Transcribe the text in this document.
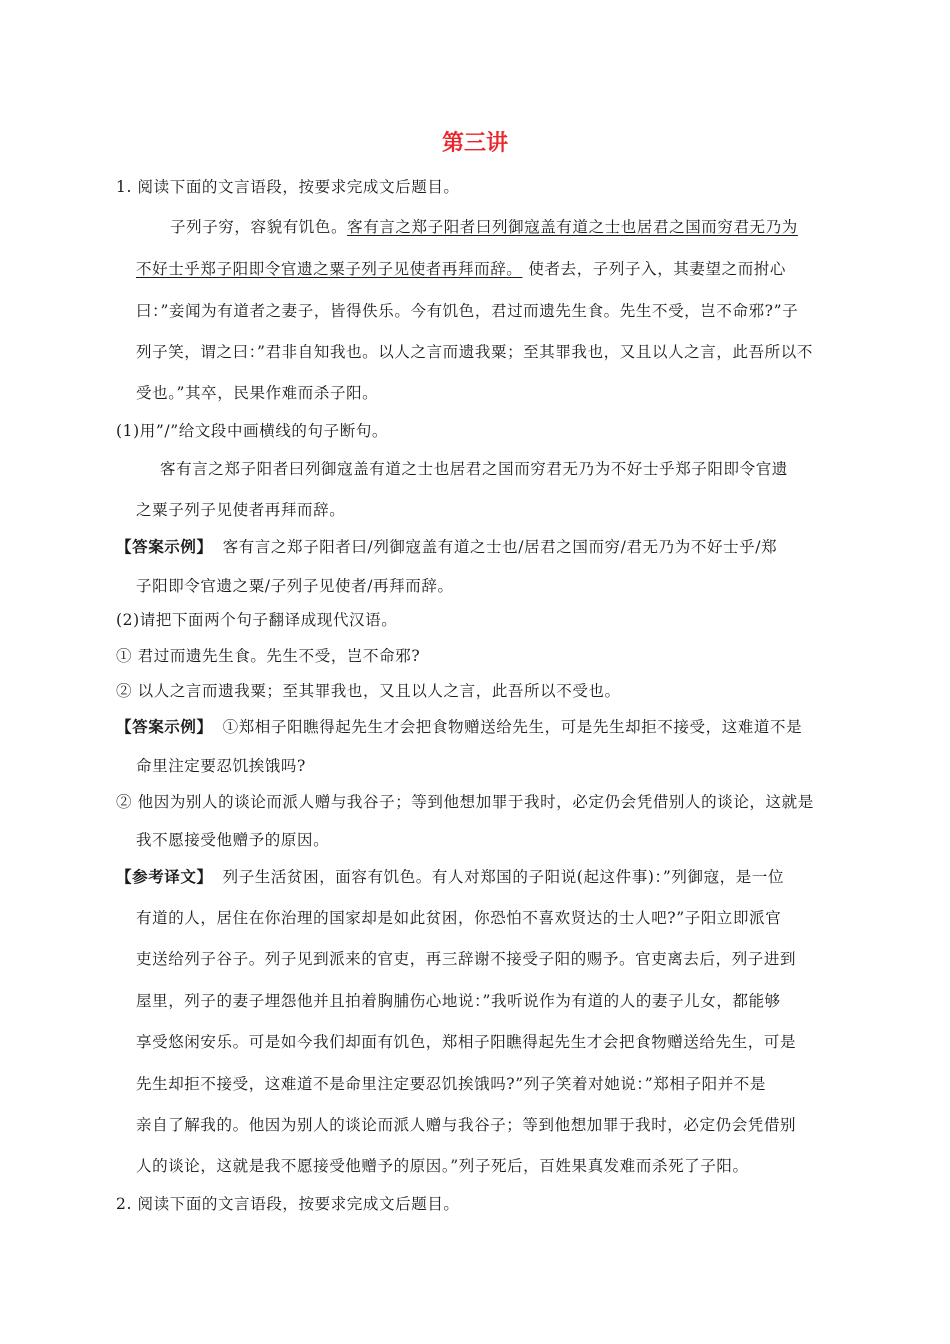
第三讲
1. 阅读下面的文言语段，按要求完成文后题目。
子列子穷，容貌有饥色。客有言之郑子阳者曰列御寇盖有道之士也居君之国而穷君无乃为
不好士乎郑子阳即令官遗之粟子列子见使者再拜而辞。 使者去，子列子入，其妻望之而拊心
曰：”妾闻为有道者之妻子，皆得佚乐。今有饥色，君过而遗先生食。先生不受，岂不命邪?”子
列子笑，谓之曰：”君非自知我也。以人之言而遗我粟；至其罪我也，又且以人之言，此吾所以不
受也。”其卒，民果作难而杀子阳。
(1)用”/”给文段中画横线的句子断句。
客有言之郑子阳者曰列御寇盖有道之士也居君之国而穷君无乃为不好士乎郑子阳即令官遗
之粟子列子见使者再拜而辞。
【答案示例】 客有言之郑子阳者曰/列御寇盖有道之士也/居君之国而穷/君无乃为不好士乎/郑
子阳即令官遗之粟/子列子见使者/再拜而辞。
(2)请把下面两个句子翻译成现代汉语。
① 君过而遗先生食。先生不受，岂不命邪?
② 以人之言而遗我粟；至其罪我也，又且以人之言，此吾所以不受也。
【答案示例】 ①郑相子阳瞧得起先生才会把食物赠送给先生，可是先生却拒不接受，这难道不是
命里注定要忍饥挨饿吗?
② 他因为别人的谈论而派人赠与我谷子；等到他想加罪于我时，必定仍会凭借别人的谈论，这就是
我不愿接受他赠予的原因。
【参考译文】 列子生活贫困，面容有饥色。有人对郑国的子阳说(起这件事)：”列御寇，是一位
有道的人，居住在你治理的国家却是如此贫困，你恐怕不喜欢贤达的士人吧?”子阳立即派官
吏送给列子谷子。列子见到派来的官吏，再三辞谢不接受子阳的赐予。官吏离去后，列子进到
屋里，列子的妻子埋怨他并且拍着胸脯伤心地说：”我听说作为有道的人的妻子儿女，都能够
享受悠闲安乐。可是如今我们却面有饥色，郑相子阳瞧得起先生才会把食物赠送给先生，可是
先生却拒不接受，这难道不是命里注定要忍饥挨饿吗?”列子笑着对她说：”郑相子阳并不是
亲自了解我的。他因为别人的谈论而派人赠与我谷子；等到他想加罪于我时，必定仍会凭借别
人的谈论，这就是我不愿接受他赠予的原因。”列子死后，百姓果真发难而杀死了子阳。
2. 阅读下面的文言语段，按要求完成文后题目。
